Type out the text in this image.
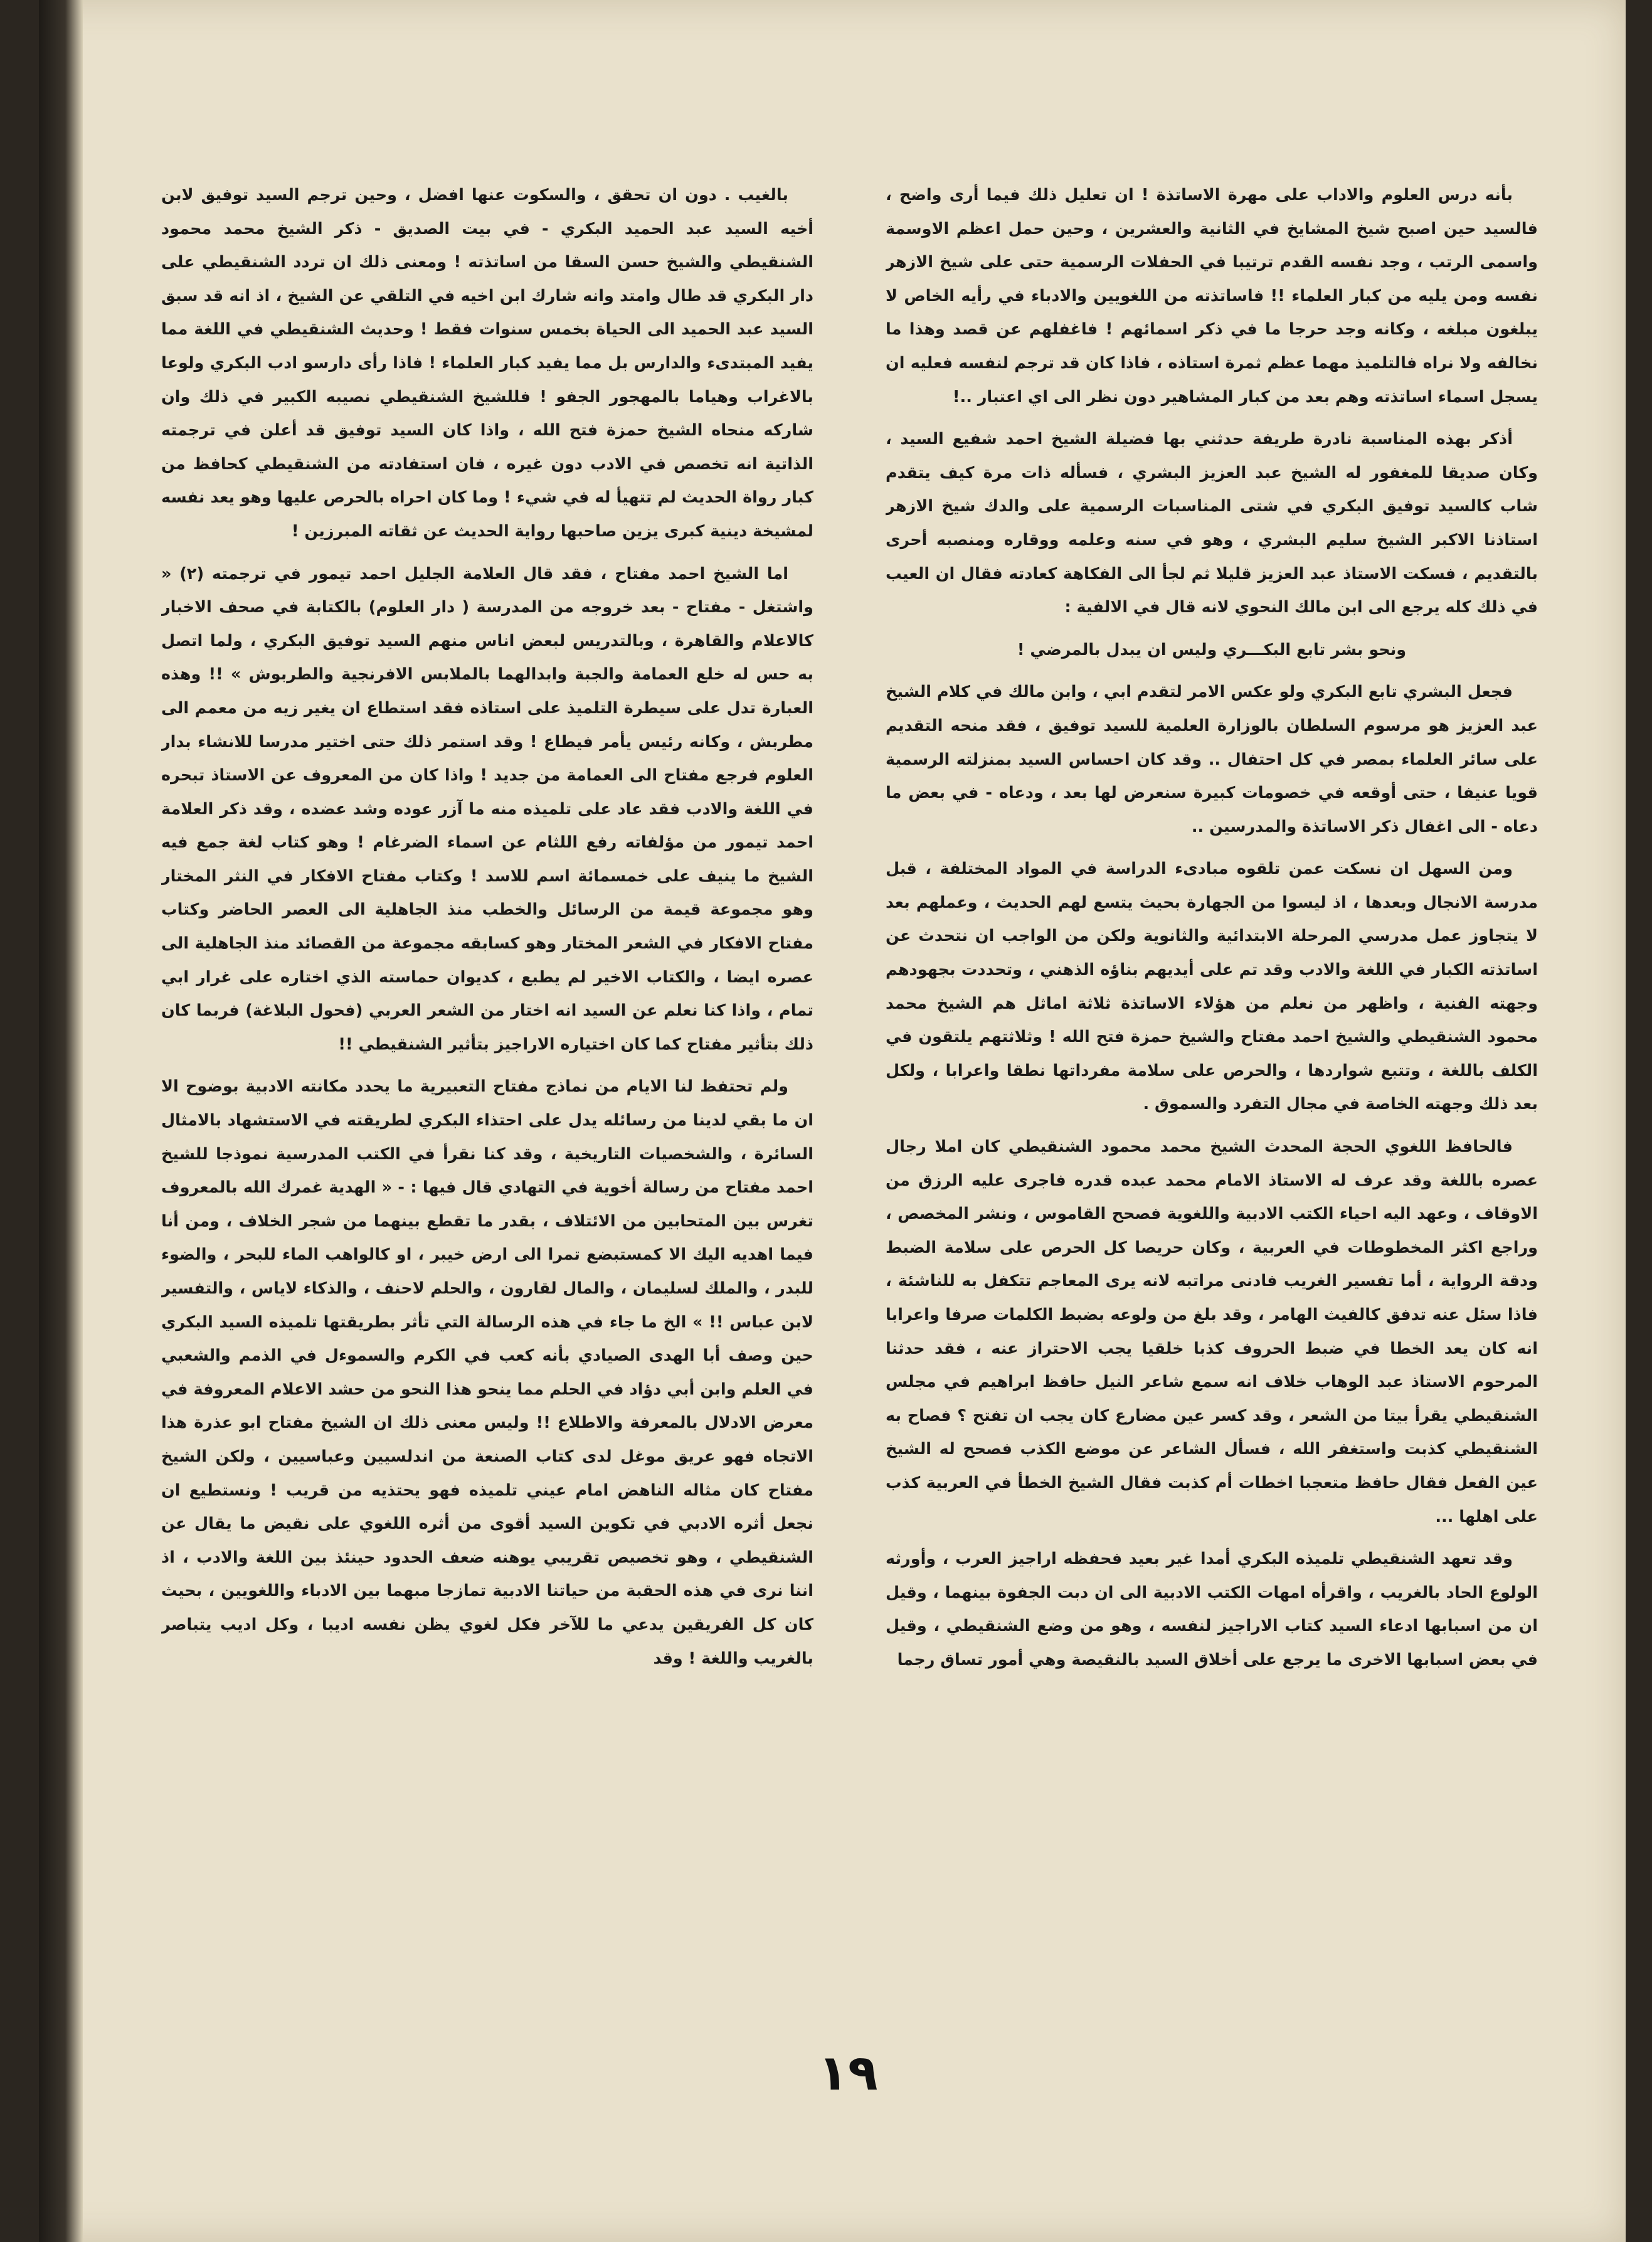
بأنه درس العلوم والاداب على مهرة الاساتذة ! ان تعليل ذلك فيما أرى واضح ، فالسيد حين اصبح شيخ المشايخ في الثانية والعشرين ، وحين حمل اعظم الاوسمة واسمى الرتب ، وجد نفسه القدم ترتيبا في الحفلات الرسمية حتى على شيخ الازهر نفسه ومن يليه من كبار العلماء !! فاساتذته من اللغويين والادباء في رأيه الخاص لا يبلغون مبلغه ، وكانه وجد حرجا ما في ذكر اسمائهم ! فاغفلهم عن قصد وهذا ما نخالفه ولا نراه فالتلميذ مهما عظم ثمرة استاذه ، فاذا كان قد ترجم لنفسه فعليه ان يسجل اسماء اساتذته وهم بعد من كبار المشاهير دون نظر الى اي اعتبار ..!

أذكر بهذه المناسبة نادرة طريفة حدثني بها فضيلة الشيخ احمد شفيع السيد ، وكان صديقا للمغفور له الشيخ عبد العزيز البشري ، فسأله ذات مرة كيف يتقدم شاب كالسيد توفيق البكري في شتى المناسبات الرسمية على والدك شيخ الازهر استاذنا الاكبر الشيخ سليم البشري ، وهو في سنه وعلمه ووقاره ومنصبه أحرى بالتقديم ، فسكت الاستاذ عبد العزيز قليلا ثم لجأ الى الفكاهة كعادته فقال ان العيب في ذلك كله يرجع الى ابن مالك النحوي لانه قال في الالفية :

ونحو بشر تابع البكـــري وليس ان يبدل بالمرضي !

فجعل البشري تابع البكري ولو عكس الامر لتقدم ابي ، وابن مالك في كلام الشيخ عبد العزيز هو مرسوم السلطان بالوزارة العلمية للسيد توفيق ، فقد منحه التقديم على سائر العلماء بمصر في كل احتفال .. وقد كان احساس السيد بمنزلته الرسمية قويا عنيفا ، حتى أوقعه في خصومات كبيرة سنعرض لها بعد ، ودعاه - في بعض ما دعاه - الى اغفال ذكر الاساتذة والمدرسين ..

ومن السهل ان نسكت عمن تلقوه مبادىء الدراسة في المواد المختلفة ، قبل مدرسة الانجال وبعدها ، اذ ليسوا من الجهارة بحيث يتسع لهم الحديث ، وعملهم بعد لا يتجاوز عمل مدرسي المرحلة الابتدائية والثانوية ولكن من الواجب ان نتحدث عن اساتذته الكبار في اللغة والادب وقد تم على أيديهم بناؤه الذهني ، وتحددت بجهودهم وجهته الفنية ، واظهر من نعلم من هؤلاء الاساتذة ثلاثة اماثل هم الشيخ محمد محمود الشنقيطي والشيخ احمد مفتاح والشيخ حمزة فتح الله ! وثلاثتهم يلتقون في الكلف باللغة ، وتتبع شواردها ، والحرص على سلامة مفرداتها نطقا واعرابا ، ولكل بعد ذلك وجهته الخاصة في مجال التفرد والسموق .

فالحافظ اللغوي الحجة المحدث الشيخ محمد محمود الشنقيطي كان املا رجال عصره باللغة وقد عرف له الاستاذ الامام محمد عبده قدره فاجرى عليه الرزق من الاوقاف ، وعهد اليه احياء الكتب الادبية واللغوية فصحح القاموس ، ونشر المخصص ، وراجع اكثر المخطوطات في العربية ، وكان حريصا كل الحرص على سلامة الضبط ودقة الرواية ، أما تفسير الغريب فادنى مراتبه لانه يرى المعاجم تتكفل به للناشئة ، فاذا سئل عنه تدفق كالفيث الهامر ، وقد بلغ من ولوعه بضبط الكلمات صرفا واعرابا انه كان يعد الخطا في ضبط الحروف كذبا خلقيا يجب الاحتراز عنه ، فقد حدثنا المرحوم الاستاذ عبد الوهاب خلاف انه سمع شاعر النيل حافظ ابراهيم في مجلس الشنقيطي يقرأ بيتا من الشعر ، وقد كسر عين مضارع كان يجب ان تفتح ؟ فصاح به الشنقيطي كذبت واستغفر الله ، فسأل الشاعر عن موضع الكذب فصحح له الشيخ عين الفعل فقال حافظ متعجبا اخطات أم كذبت فقال الشيخ الخطأ في العربية كذب على اهلها ...

وقد تعهد الشنقيطي تلميذه البكري أمدا غير بعيد فحفظه اراجيز العرب ، وأورثه الولوع الحاد بالغريب ، واقرأه امهات الكتب الادبية الى ان دبت الجفوة بينهما ، وقيل ان من اسبابها ادعاء السيد كتاب الاراجيز لنفسه ، وهو من وضع الشنقيطي ، وقيل في بعض اسبابها الاخرى ما يرجع على أخلاق السيد بالنقيصة وهي أمور تساق رجما

بالغيب . دون ان تحقق ، والسكوت عنها افضل ، وحين ترجم السيد توفيق لابن أخيه السيد عبد الحميد البكري - في بيت الصديق - ذكر الشيخ محمد محمود الشنقيطي والشيخ حسن السقا من اساتذته ! ومعنى ذلك ان تردد الشنقيطي على دار البكري قد طال وامتد وانه شارك ابن اخيه في التلقي عن الشيخ ، اذ انه قد سبق السيد عبد الحميد الى الحياة بخمس سنوات فقط ! وحديث الشنقيطي في اللغة مما يفيد المبتدىء والدارس بل مما يفيد كبار العلماء ! فاذا رأى دارسو ادب البكري ولوعا بالاغراب وهياما بالمهجور الجفو ! فللشيخ الشنقيطي نصيبه الكبير في ذلك وان شاركه منحاه الشيخ حمزة فتح الله ، واذا كان السيد توفيق قد أعلن في ترجمته الذاتية انه تخصص في الادب دون غيره ، فان استفادته من الشنقيطي كحافظ من كبار رواة الحديث لم تتهيأ له في شيء ! وما كان احراه بالحرص عليها وهو يعد نفسه لمشيخة دينية كبرى يزين صاحبها رواية الحديث عن ثقاته المبرزين !

اما الشيخ احمد مفتاح ، فقد قال العلامة الجليل احمد تيمور في ترجمته (٢) « واشتغل - مفتاح - بعد خروجه من المدرسة ( دار العلوم) بالكتابة في صحف الاخبار كالاعلام والقاهرة ، وبالتدريس لبعض اناس منهم السيد توفيق البكري ، ولما اتصل به حس له خلع العمامة والجبة وابدالهما بالملابس الافرنجية والطربوش » !! وهذه العبارة تدل على سيطرة التلميذ على استاذه فقد استطاع ان يغير زيه من معمم الى مطربش ، وكانه رئيس يأمر فيطاع ! وقد استمر ذلك حتى اختير مدرسا للانشاء بدار العلوم فرجع مفتاح الى العمامة من جديد ! واذا كان من المعروف عن الاستاذ تبحره في اللغة والادب فقد عاد على تلميذه منه ما آزر عوده وشد عضده ، وقد ذكر العلامة احمد تيمور من مؤلفاته رفع اللثام عن اسماء الضرغام ! وهو كتاب لغة جمع فيه الشيخ ما ينيف على خمسمائة اسم للاسد ! وكتاب مفتاح الافكار في النثر المختار وهو مجموعة قيمة من الرسائل والخطب منذ الجاهلية الى العصر الحاضر وكتاب مفتاح الافكار في الشعر المختار وهو كسابقه مجموعة من القصائد منذ الجاهلية الى عصره ايضا ، والكتاب الاخير لم يطبع ، كديوان حماسته الذي اختاره على غرار ابي تمام ، واذا كنا نعلم عن السيد انه اختار من الشعر العربي (فحول البلاغة) فربما كان ذلك بتأثير مفتاح كما كان اختياره الاراجيز بتأثير الشنقيطي !!

ولم تحتفظ لنا الايام من نماذج مفتاح التعبيرية ما يحدد مكانته الادبية بوضوح الا ان ما بقي لدينا من رسائله يدل على احتذاء البكري لطريقته في الاستشهاد بالامثال السائرة ، والشخصيات التاريخية ، وقد كنا نقرأ في الكتب المدرسية نموذجا للشيخ احمد مفتاح من رسالة أخوية في التهادي قال فيها : - « الهدية غمرك الله بالمعروف تغرس بين المتحابين من الائتلاف ، بقدر ما تقطع بينهما من شجر الخلاف ، ومن أنا فيما اهديه اليك الا كمستبضع تمرا الى ارض خيبر ، او كالواهب الماء للبحر ، والضوء للبدر ، والملك لسليمان ، والمال لقارون ، والحلم لاحنف ، والذكاء لاياس ، والتفسير لابن عباس !! » الخ ما جاء في هذه الرسالة التي تأثر بطريقتها تلميذه السيد البكري حين وصف أبا الهدى الصيادي بأنه كعب في الكرم والسموءل في الذمم والشعبي في العلم وابن أبي دؤاد في الحلم مما ينحو هذا النحو من حشد الاعلام المعروفة في معرض الادلال بالمعرفة والاطلاع !! وليس معنى ذلك ان الشيخ مفتاح ابو عذرة هذا الاتجاه فهو عريق موغل لدى كتاب الصنعة من اندلسيين وعباسيين ، ولكن الشيخ مفتاح كان مثاله الناهض امام عيني تلميذه فهو يحتذيه من قريب ! ونستطيع ان نجعل أثره الادبي في تكوين السيد أقوى من أثره اللغوي على نقيض ما يقال عن الشنقيطي ، وهو تخصيص تقريبي يوهنه ضعف الحدود حينئذ بين اللغة والادب ، اذ اننا نرى في هذه الحقبة من حياتنا الادبية تمازجا مبهما بين الادباء واللغويين ، بحيث كان كل الفريقين يدعي ما للآخر فكل لغوي يظن نفسه اديبا ، وكل اديب يتباصر بالغريب واللغة ! وقد

١٩
